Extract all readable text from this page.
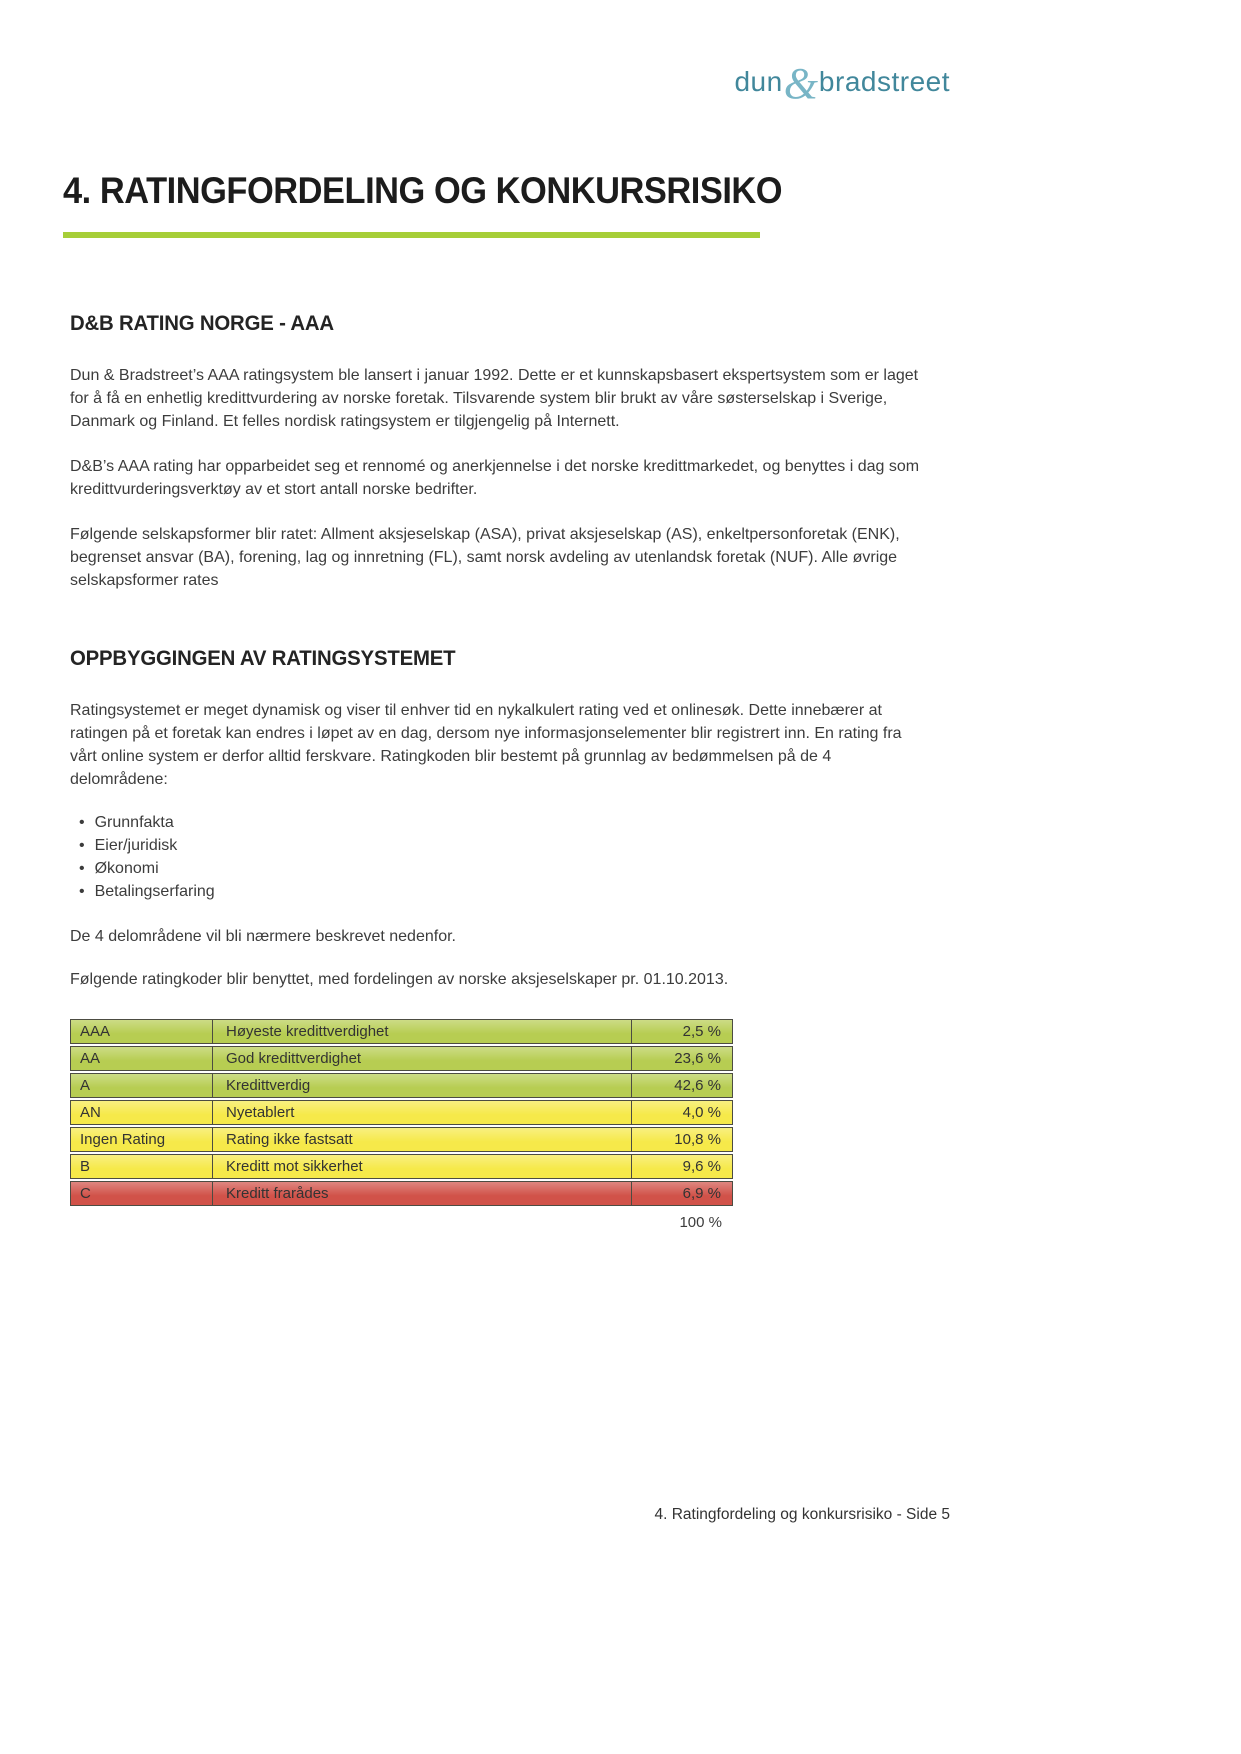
dun&bradstreet
4. RATINGFORDELING OG KONKURSRISIKO
D&B RATING NORGE - AAA

Dun & Bradstreet’s AAA ratingsystem ble lansert i januar 1992. Dette er et kunnskapsbasert ekspertsystem som er laget for å få en enhetlig kredittvurdering av norske foretak. Tilsvarende system blir brukt av våre søsterselskap i Sverige, Danmark og Finland. Et felles nordisk ratingsystem er tilgjengelig på Internett.

D&B’s AAA rating har opparbeidet seg et rennomé og anerkjennelse i det norske kredittmarkedet, og benyttes i dag som kredittvurderingsverktøy av et stort antall norske bedrifter.

Følgende selskapsformer blir ratet: Allment aksjeselskap (ASA), privat aksjeselskap (AS), enkeltpersonforetak (ENK), begrenset ansvar (BA), forening, lag og innretning (FL), samt norsk avdeling av utenlandsk foretak (NUF). Alle øvrige selskapsformer rates

OPPBYGGINGEN AV RATINGSYSTEMET

Ratingsystemet er meget dynamisk og viser til enhver tid en nykalkulert rating ved et onlinesøk. Dette innebærer at ratingen på et foretak kan endres i løpet av en dag, dersom nye informasjonselementer blir registrert inn. En rating fra vårt online system er derfor alltid ferskvare. Ratingkoden blir bestemt på grunnlag av bedømmelsen på de 4 delområdene:

• Grunnfakta
• Eier/juridisk
• Økonomi
• Betalingserfaring

De 4 delområdene vil bli nærmere beskrevet nedenfor.

Følgende ratingkoder blir benyttet, med fordelingen av norske aksjeselskaper pr. 01.10.2013.

AAA	Høyeste kredittverdighet	2,5 %
AA	God kredittverdighet	23,6 %
A	Kredittverdig	42,6 %
AN	Nyetablert	4,0 %
Ingen Rating	Rating ikke fastsatt	10,8 %
B	Kreditt mot sikkerhet	9,6 %
C	Kreditt frarådes	6,9 %
100 %
4. Ratingfordeling og konkursrisiko - Side 5
